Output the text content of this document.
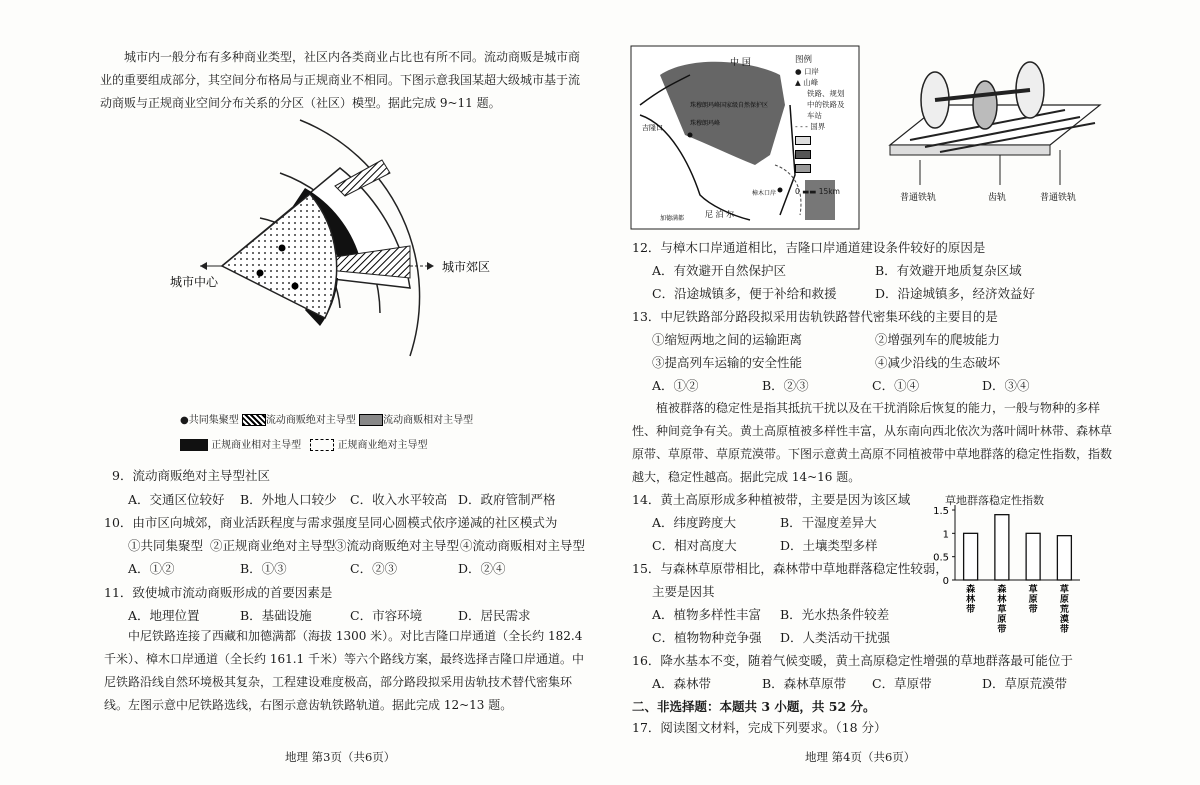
城市内一般分布有多种商业类型，社区内各类商业占比也有所不同。流动商贩是城市商业的重要组成部分，其空间分布格局与正规商业不相同。下图示意我国某超大级城市基于流动商贩与正规商业空间分布关系的分区（社区）模型。据此完成 9~11 题。
城市中心
城市郊区
●共同集聚型	流动商贩绝对主导型	流动商贩相对主导型
正规商业相对主导型	正规商业绝对主导型
9．流动商贩绝对主导型社区
A．交通区位较好 B．外地人口较少 C．收入水平较高 D．政府管制严格
10．由市区向城郊，商业活跃程度与需求强度呈同心圆模式依序递减的社区模式为
①共同集聚型 ②正规商业绝对主导型
③流动商贩绝对主导型 ④流动商贩相对主导型
A．①②	B．①③	C．②③	D．②④
11．致使城市流动商贩形成的首要因素是
A．地理位置	B．基础设施	C．市容环境	D．居民需求
中尼铁路连接了西藏和加德满都（海拔 1300 米）。对比吉隆口岸通道（全长约 182.4 千米）、樟木口岸通道（全长约 161.1 千米）等六个路线方案，最终选择吉隆口岸通道。中尼铁路沿线自然环境极其复杂，工程建设难度极高，部分路段拟采用齿轨技术替代密集环线。左图示意中尼铁路选线，右图示意齿轨铁路轨道。据此完成 12~13 题。
地理 第3页（共6页）
中 国
珠穆朗玛峰国家级自然保护区
珠穆朗玛峰
吉隆口
樟木口岸
加德满都	尼 泊 尔
图例
● 口岸
▲ 山峰
铁路、规划中的铁路及车站
- - - 国界
0 ▬▬ 15km
普通铁轨	齿轨	普通铁轨
12．与樟木口岸通道相比，吉隆口岸通道建设条件较好的原因是
A．有效避开自然保护区	B．有效避开地质复杂区域
C．沿途城镇多，便于补给和救援	D．沿途城镇多，经济效益好
13．中尼铁路部分路段拟采用齿轨铁路替代密集环线的主要目的是
①缩短两地之间的运输距离	②增强列车的爬坡能力
③提高列车运输的安全性能	④减少沿线的生态破坏
A．①②	B．②③	C．①④	D．③④
植被群落的稳定性是指其抵抗干扰以及在干扰消除后恢复的能力，一般与物种的多样性、种间竞争有关。黄土高原植被多样性丰富，从东南向西北依次为落叶阔叶林带、森林草原带、草原带、草原荒漠带。下图示意黄土高原不同植被带中草地群落的稳定性指数，指数越大，稳定性越高。据此完成 14~16 题。
14．黄土高原形成多种植被带，主要是因为该区域
A．纬度跨度大	B．干湿度差异大
C．相对高度大	D．土壤类型多样
15．与森林草原带相比，森林带中草地群落稳定性较弱，
主要是因其
A．植物多样性丰富 B．光水热条件较差
C．植物物种竞争强 D．人类活动干扰强
草地群落稳定性指数
0
0.5
1
1.5
森林带
森林草原带
草原带
草原荒漠带
16．降水基本不变，随着气候变暖，黄土高原稳定性增强的草地群落最可能位于
A．森林带	B．森林草原带 C．草原带	D．草原荒漠带
二、非选择题：本题共 3 小题，共 52 分。
17．阅读图文材料，完成下列要求。（18 分）
地理 第4页（共6页）
